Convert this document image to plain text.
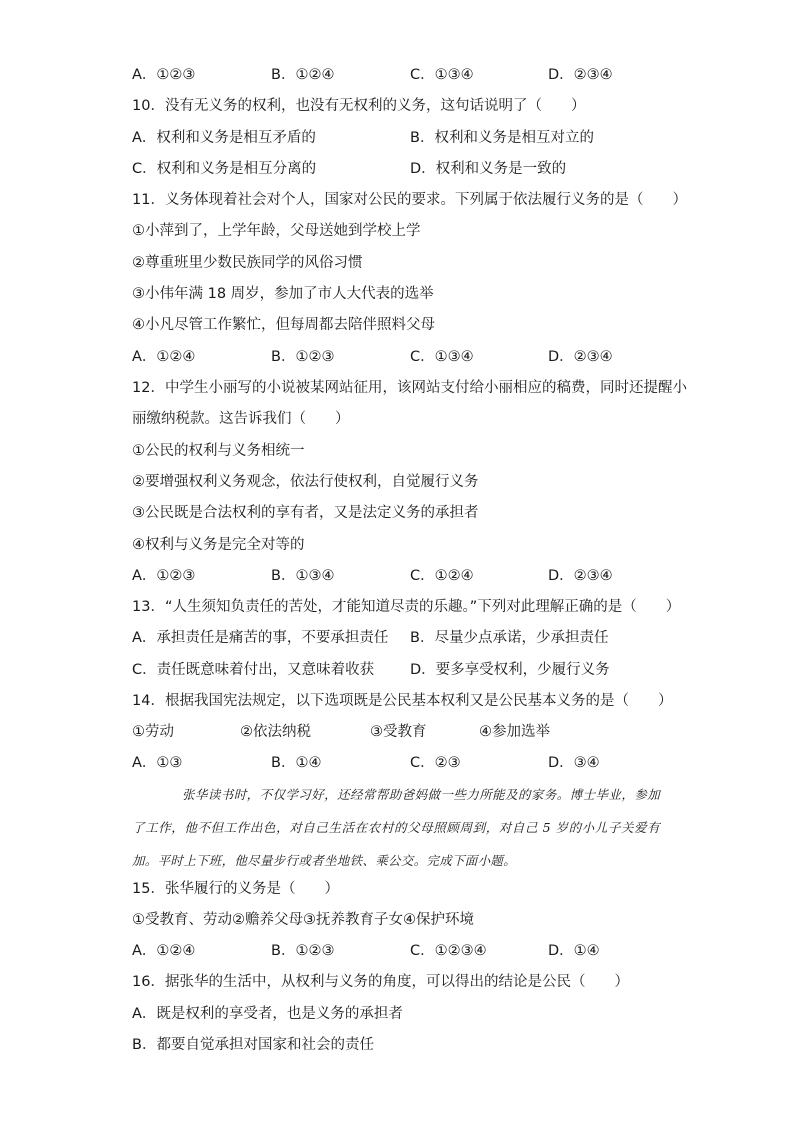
A．①②③	B．①②④	C．①③④	D．②③④
10．没有无义务的权利，也没有无权利的义务，这句话说明了（　　）
A．权利和义务是相互矛盾的	B．权利和义务是相互对立的
C．权利和义务是相互分离的	D．权利和义务是一致的
11．义务体现着社会对个人，国家对公民的要求。下列属于依法履行义务的是（　　）
①小萍到了，上学年龄，父母送她到学校上学
②尊重班里少数民族同学的风俗习惯
③小伟年满 18 周岁，参加了市人大代表的选举
④小凡尽管工作繁忙，但每周都去陪伴照料父母
A．①②④	B．①②③	C．①③④	D．②③④
12．中学生小丽写的小说被某网站征用，该网站支付给小丽相应的稿费，同时还提醒小
丽缴纳税款。这告诉我们（　　）
①公民的权利与义务相统一
②要增强权利义务观念，依法行使权利，自觉履行义务
③公民既是合法权利的享有者，又是法定义务的承担者
④权利与义务是完全对等的
A．①②③	B．①③④	C．①②④	D．②③④
13．“人生须知负责任的苦处，才能知道尽责的乐趣。”下列对此理解正确的是（　　）
A．承担责任是痛苦的事，不要承担责任 B．尽量少点承诺，少承担责任
C．责任既意味着付出，又意味着收获 D．要多享受权利，少履行义务
14．根据我国宪法规定，以下选项既是公民基本权利又是公民基本义务的是（　　）
①劳动	②依法纳税	③受教育	④参加选举
A．①③	B．①④	C．②③	D．③④

张华读书时，不仅学习好，还经常帮助爸妈做一些力所能及的家务。博士毕业，参加了工作，他不但工作出色，对自己生活在农村的父母照顾周到，对自己 5 岁的小儿子关爱有加。平时上下班，他尽量步行或者坐地铁、乘公交。完成下面小题。

15．张华履行的义务是（　　）
①受教育、劳动②赡养父母③抚养教育子女④保护环境
A．①②④	B．①②③	C．①②③④	D．①④
16．据张华的生活中，从权利与义务的角度，可以得出的结论是公民（　　）
A．既是权利的享受者，也是义务的承担者
B．都要自觉承担对国家和社会的责任
